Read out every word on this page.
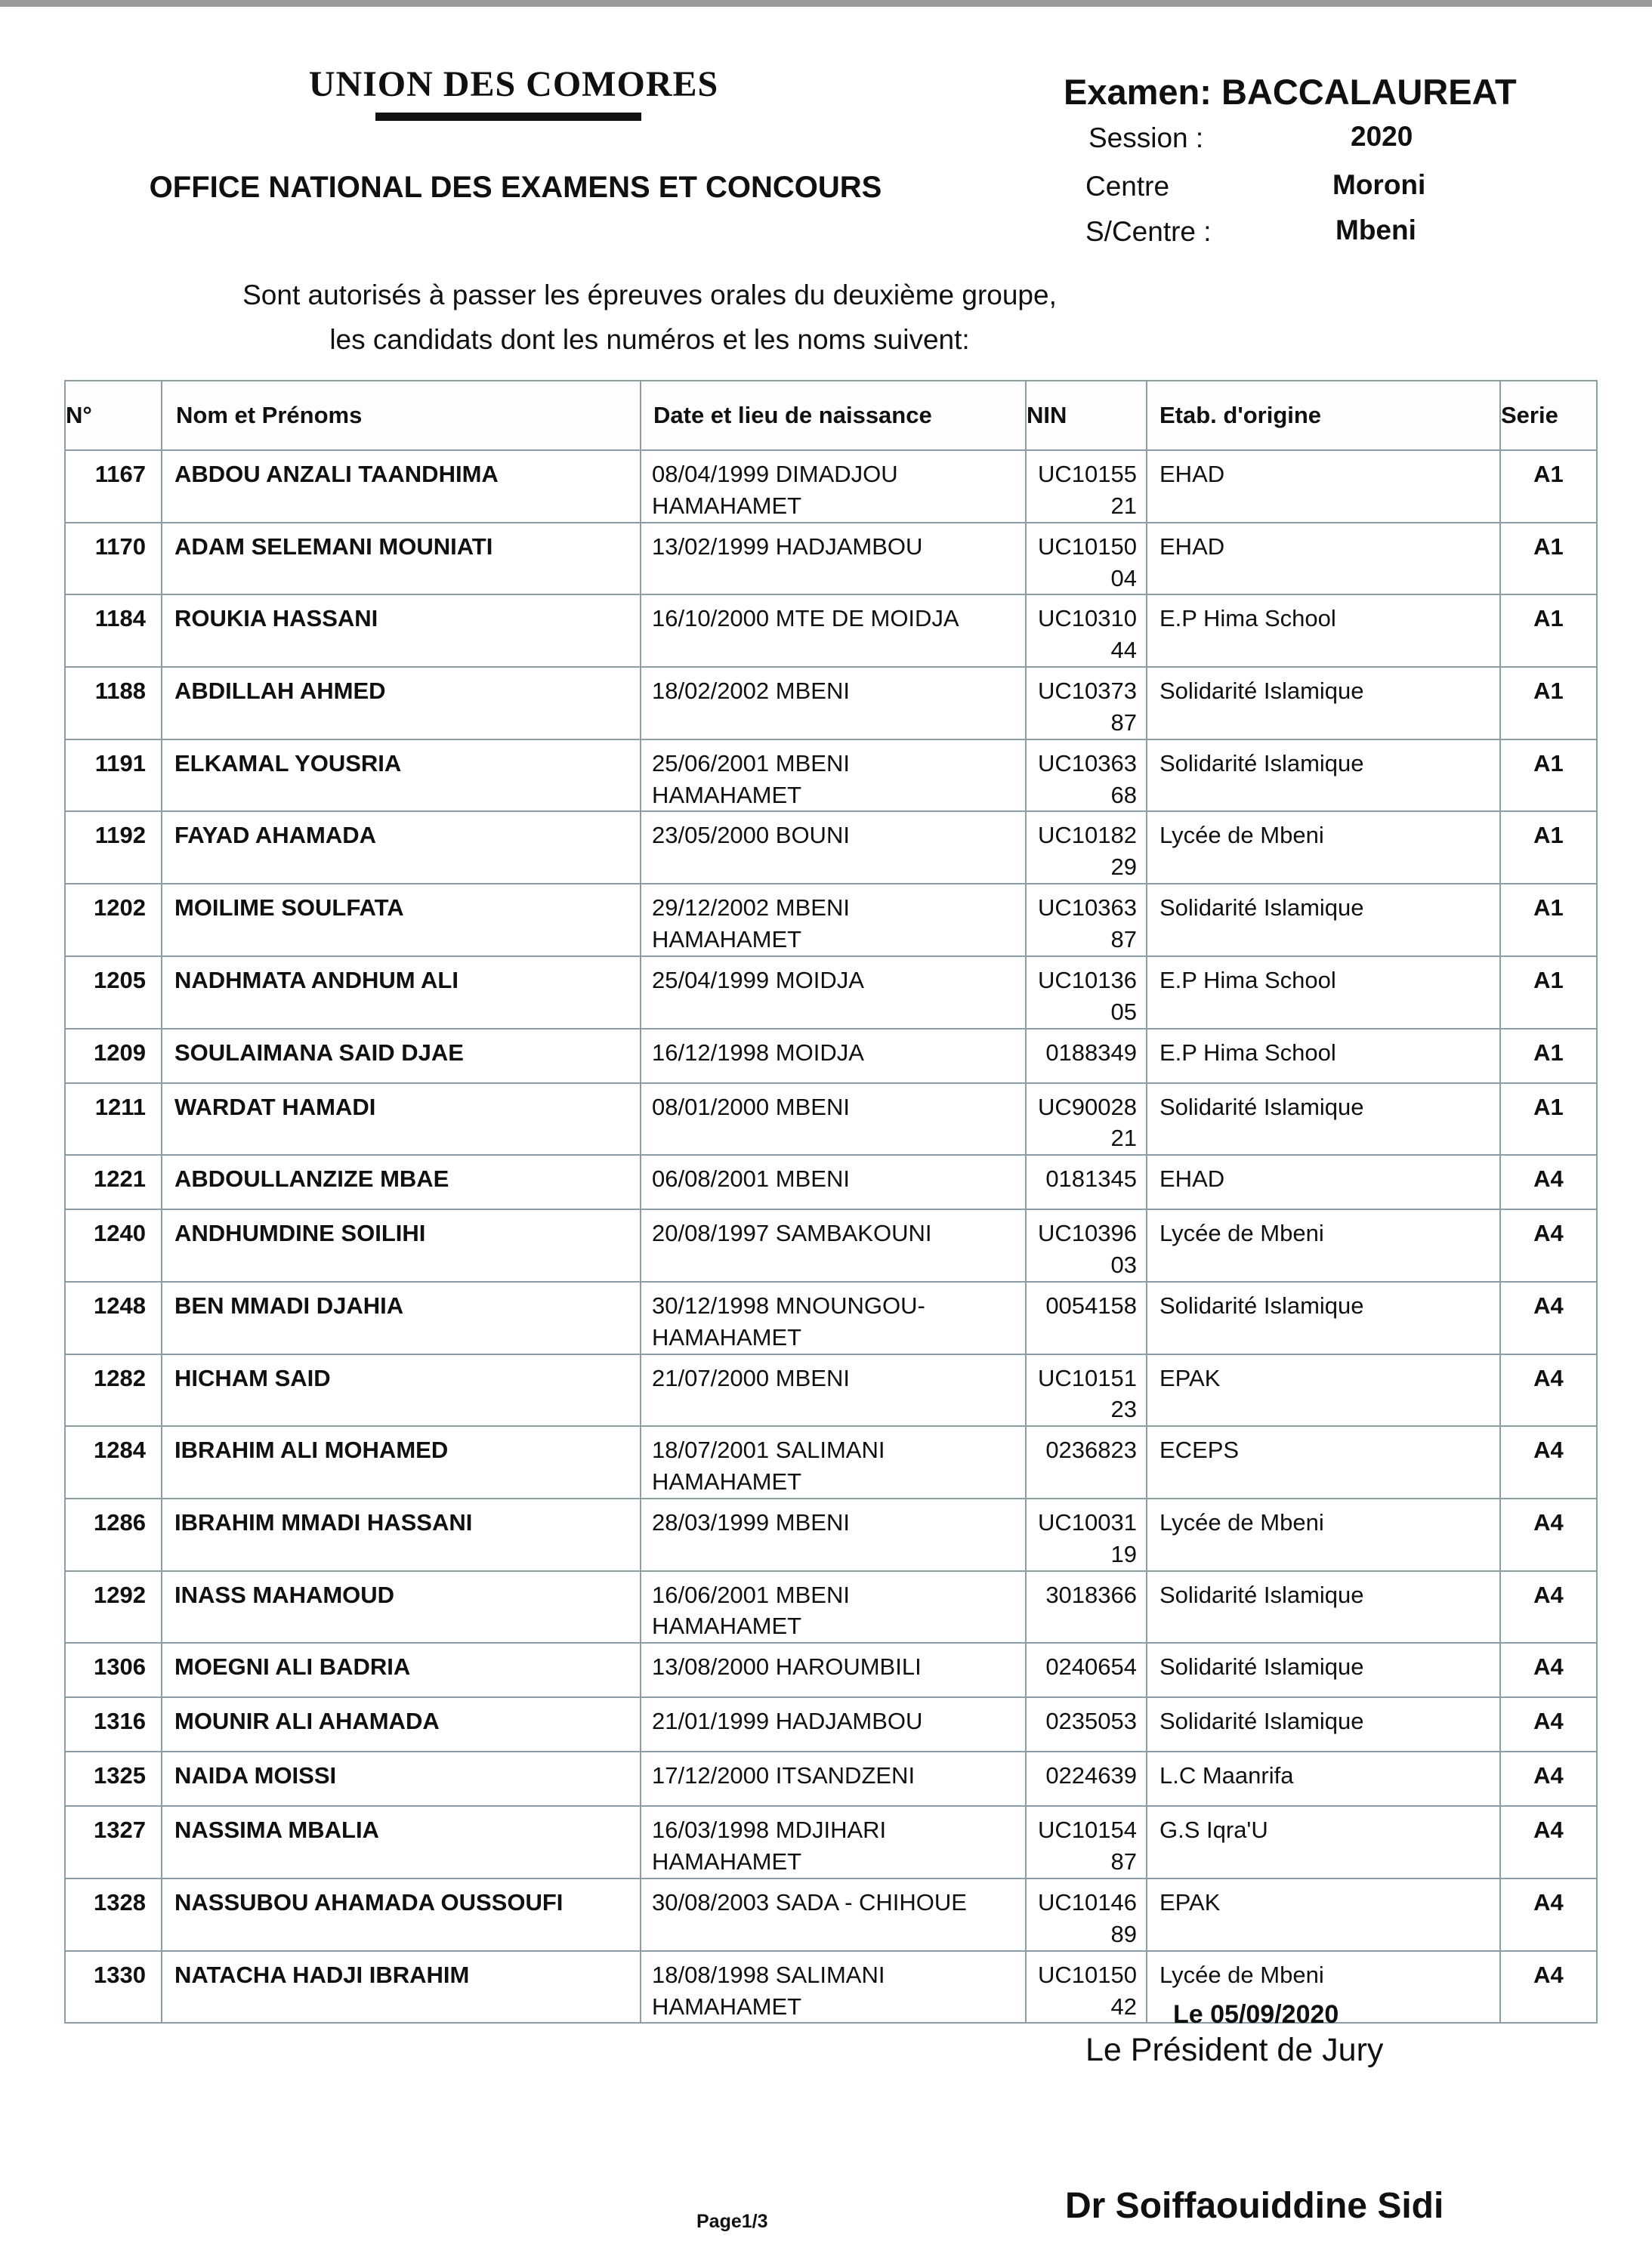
UNION DES COMORES
OFFICE NATIONAL DES EXAMENS ET CONCOURS
Examen: BACCALAUREAT
Session :	2020
Centre	Moroni
S/Centre :	Mbeni
Sont autorisés à passer les épreuves orales du deuxième groupe,
les candidats dont les numéros et les noms suivent:
N°	Nom et Prénoms	Date et lieu de naissance	NIN	Etab. d'origine	Serie
1167	ABDOU ANZALI TAANDHIMA	08/04/1999 DIMADJOU HAMAHAMET	UC10155 21	EHAD	A1
1170	ADAM SELEMANI MOUNIATI	13/02/1999 HADJAMBOU	UC10150 04	EHAD	A1
1184	ROUKIA HASSANI	16/10/2000 MTE DE MOIDJA	UC10310 44	E.P Hima School	A1
1188	ABDILLAH AHMED	18/02/2002 MBENI	UC10373 87	Solidarité Islamique	A1
1191	ELKAMAL YOUSRIA	25/06/2001 MBENI HAMAHAMET	UC10363 68	Solidarité Islamique	A1
1192	FAYAD AHAMADA	23/05/2000 BOUNI	UC10182 29	Lycée de Mbeni	A1
1202	MOILIME SOULFATA	29/12/2002 MBENI HAMAHAMET	UC10363 87	Solidarité Islamique	A1
1205	NADHMATA ANDHUM ALI	25/04/1999 MOIDJA	UC10136 05	E.P Hima School	A1
1209	SOULAIMANA SAID DJAE	16/12/1998 MOIDJA	0188349	E.P Hima School	A1
1211	WARDAT HAMADI	08/01/2000 MBENI	UC90028 21	Solidarité Islamique	A1
1221	ABDOULLANZIZE MBAE	06/08/2001 MBENI	0181345	EHAD	A4
1240	ANDHUMDINE SOILIHI	20/08/1997 SAMBAKOUNI	UC10396 03	Lycée de Mbeni	A4
1248	BEN MMADI DJAHIA	30/12/1998 MNOUNGOU-HAMAHAMET	0054158	Solidarité Islamique	A4
1282	HICHAM SAID	21/07/2000 MBENI	UC10151 23	EPAK	A4
1284	IBRAHIM ALI MOHAMED	18/07/2001 SALIMANI HAMAHAMET	0236823	ECEPS	A4
1286	IBRAHIM MMADI HASSANI	28/03/1999 MBENI	UC10031 19	Lycée de Mbeni	A4
1292	INASS MAHAMOUD	16/06/2001 MBENI HAMAHAMET	3018366	Solidarité Islamique	A4
1306	MOEGNI ALI BADRIA	13/08/2000 HAROUMBILI	0240654	Solidarité Islamique	A4
1316	MOUNIR ALI AHAMADA	21/01/1999 HADJAMBOU	0235053	Solidarité Islamique	A4
1325	NAIDA MOISSI	17/12/2000 ITSANDZENI	0224639	L.C Maanrifa	A4
1327	NASSIMA MBALIA	16/03/1998 MDJIHARI HAMAHAMET	UC10154 87	G.S Iqra'U	A4
1328	NASSUBOU AHAMADA OUSSOUFI	30/08/2003 SADA - CHIHOUE	UC10146 89	EPAK	A4
1330	NATACHA HADJI IBRAHIM	18/08/1998 SALIMANI HAMAHAMET	UC10150 42	Lycée de Mbeni	A4
Le 05/09/2020
Le Président de Jury
Dr Soiffaouiddine Sidi
Page1/3
